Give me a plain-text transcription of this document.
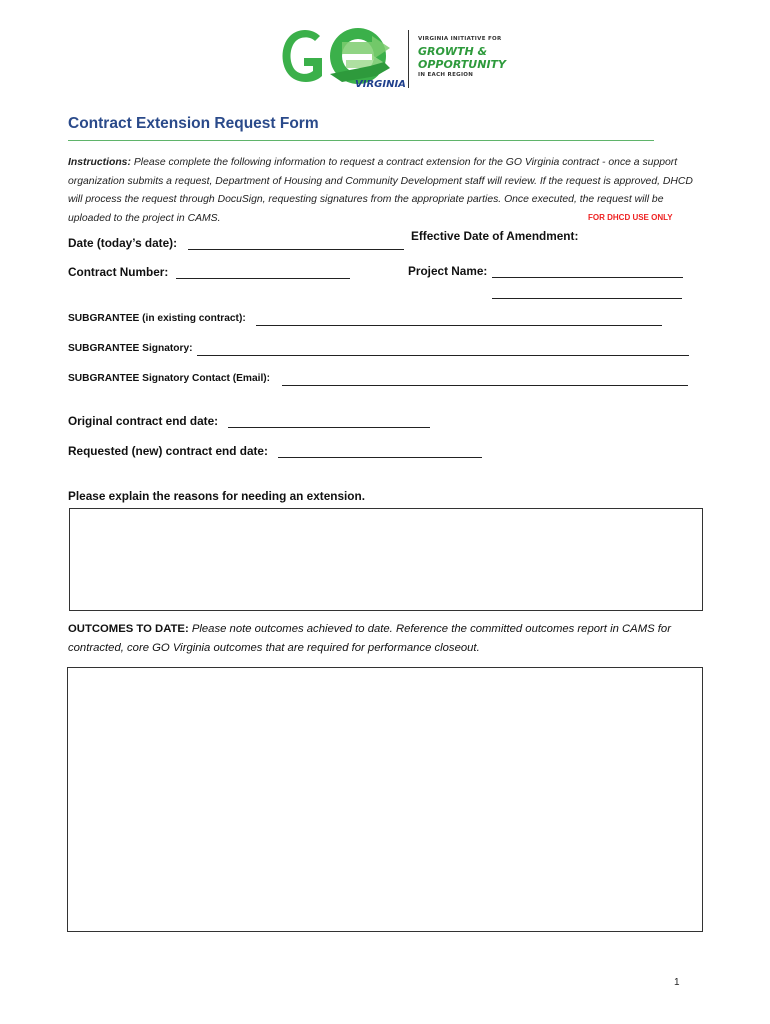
VIRGINIA
VIRGINIA INITIATIVE FOR
GROWTH &
OPPORTUNITY
IN EACH REGION
Contract Extension Request Form
Instructions: Please complete the following information to request a contract extension for the GO Virginia contract - once a support organization submits a request, Department of Housing and Community Development staff will review. If the request is approved, DHCD will process the request through DocuSign, requesting signatures from the appropriate parties. Once executed, the request will be uploaded to the project in CAMS.	FOR DHCD USE ONLY
Date (today’s date):	Effective Date of Amendment:
Contract Number:	Project Name:
SUBGRANTEE (in existing contract):
SUBGRANTEE Signatory:
SUBGRANTEE Signatory Contact (Email):
Original contract end date:
Requested (new) contract end date:
Please explain the reasons for needing an extension.
OUTCOMES TO DATE: Please note outcomes achieved to date. Reference the committed outcomes report in CAMS for contracted, core GO Virginia outcomes that are required for performance closeout.
1
